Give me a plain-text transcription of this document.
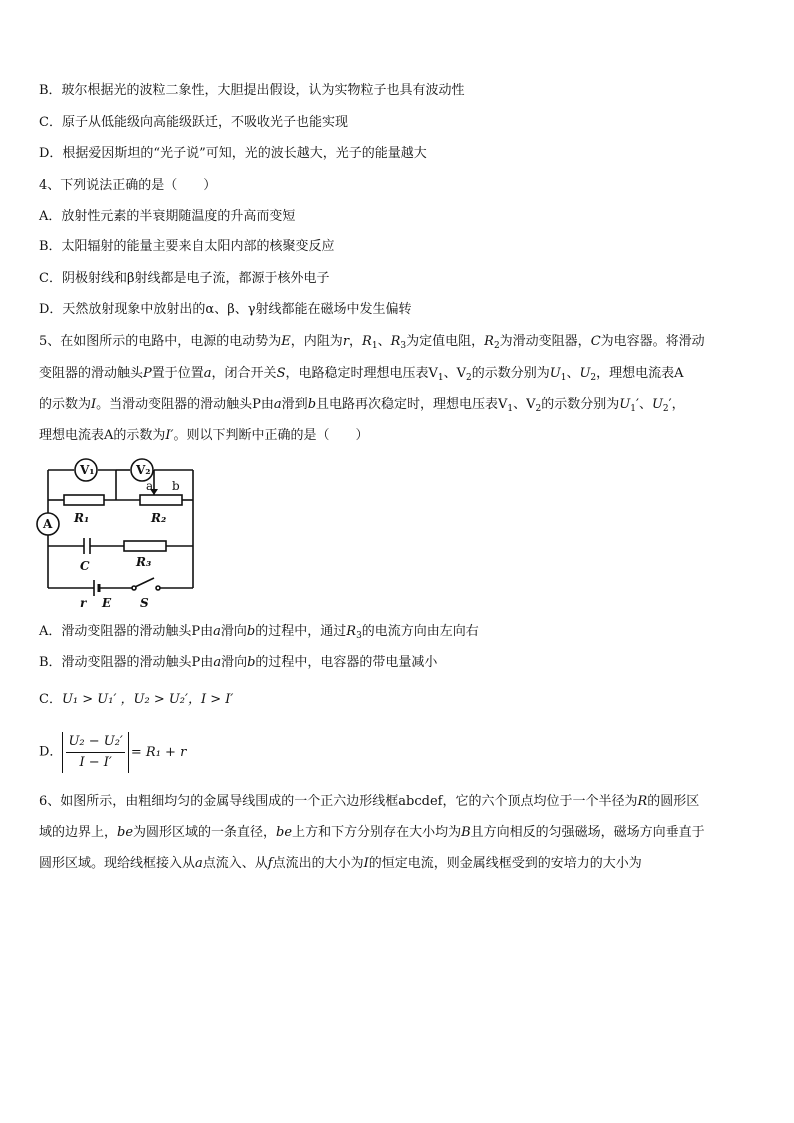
B．玻尔根据光的波粒二象性，大胆提出假设，认为实物粒子也具有波动性
C．原子从低能级向高能级跃迁，不吸收光子也能实现
D．根据爱因斯坦的“光子说”可知，光的波长越大，光子的能量越大
4、下列说法正确的是（　　）
A．放射性元素的半衰期随温度的升高而变短
B．太阳辐射的能量主要来自太阳内部的核聚变反应
C．阴极射线和β射线都是电子流，都源于核外电子
D．天然放射现象中放射出的α、β、γ射线都能在磁场中发生偏转
5、在如图所示的电路中，电源的电动势为E，内阻为r，$R_1$、$R_3$为定值电阻，$R_2$为滑动变阻器，C为电容器。将滑动
变阻器的滑动触头P置于位置a，闭合开关S，电路稳定时理想电压表$V_1$、$V_2$的示数分别为$U_1$、$U_2$，理想电流表A
的示数为I。当滑动变阻器的滑动触头P由a滑到b且电路再次稳定时，理想电压表$V_1$、$V_2$的示数分别为$U_1'$、$U_2'$，
理想电流表A的示数为I′。则以下判断中正确的是（　　）
V₁	V₂
A
a b
R₁	R₂
C	R₃
r E S
A．滑动变阻器的滑动触头P由a滑向b的过程中，通过$R_3$的电流方向由左向右
B．滑动变阻器的滑动触头P由a滑向b的过程中，电容器的带电量减小
C．U₁ > U₁′ ，U₂ > U₂′，I > I′
D． $\frac{\text{U₂ − U₂′}}{I - I'} = R_1 + r$
6、如图所示，由粗细均匀的金属导线围成的一个正六边形线框abcdef，它的六个顶点均位于一个半径为R的圆形区
域的边界上，be为圆形区域的一条直径，be上方和下方分别存在大小均为B且方向相反的匀强磁场，磁场方向垂直于
圆形区域。现给线框接入从a点流入、从f点流出的大小为I的恒定电流，则金属线框受到的安培力的大小为
